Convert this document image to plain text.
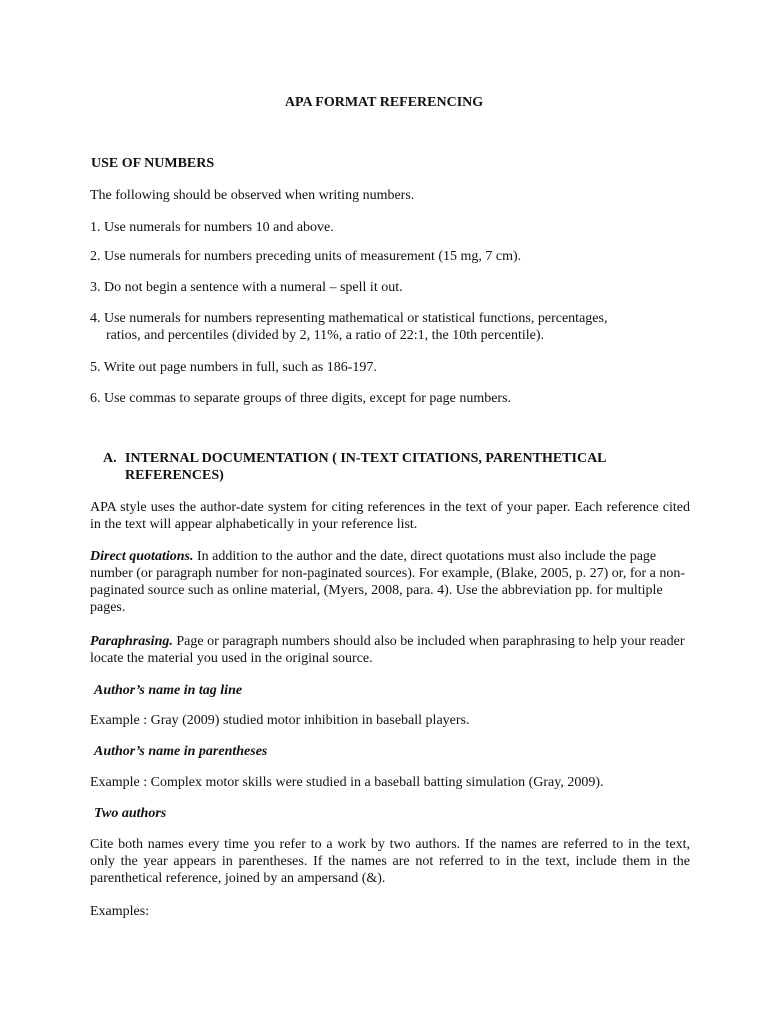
APA FORMAT REFERENCING
USE OF NUMBERS
The following should be observed when writing numbers.
1. Use numerals for numbers 10 and above.
2. Use numerals for numbers preceding units of measurement (15 mg, 7 cm).
3. Do not begin a sentence with a numeral – spell it out.
4. Use numerals for numbers representing mathematical or statistical functions, percentages,
ratios, and percentiles (divided by 2, 11%, a ratio of 22:1, the 10th percentile).
5. Write out page numbers in full, such as 186-197.
6. Use commas to separate groups of three digits, except for page numbers.
A. INTERNAL DOCUMENTATION ( IN-TEXT CITATIONS, PARENTHETICAL
REFERENCES)
APA style uses the author-date system for citing references in the text of your paper. Each reference cited in the text will appear alphabetically in your reference list.
Direct quotations. In addition to the author and the date, direct quotations must also include the page number (or paragraph number for non-paginated sources). For example, (Blake, 2005, p. 27) or, for a non-paginated source such as online material, (Myers, 2008, para. 4). Use the abbreviation pp. for multiple pages.
Paraphrasing. Page or paragraph numbers should also be included when paraphrasing to help your reader locate the material you used in the original source.
Author’s name in tag line
Example : Gray (2009) studied motor inhibition in baseball players.
Author’s name in parentheses
Example : Complex motor skills were studied in a baseball batting simulation (Gray, 2009).
Two authors
Cite both names every time you refer to a work by two authors. If the names are referred to in the text, only the year appears in parentheses. If the names are not referred to in the text, include them in the parenthetical reference, joined by an ampersand (&).
Examples:
